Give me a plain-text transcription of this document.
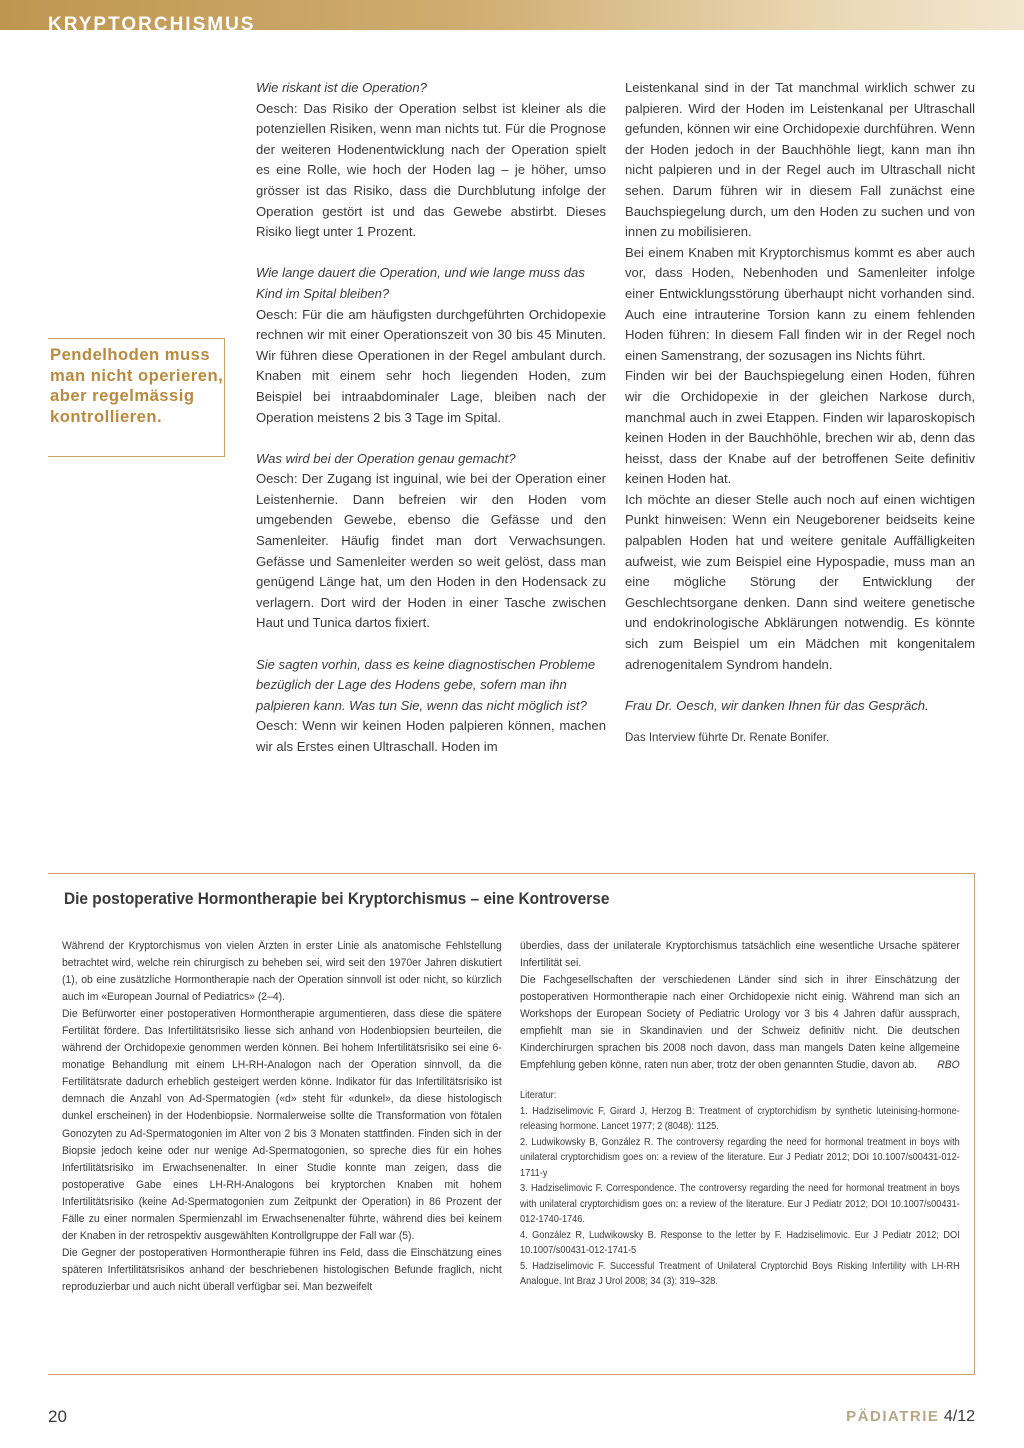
KRYPTORCHISMUS

Pendelhoden muss man nicht operieren, aber regelmässig kontrollieren.

Wie riskant ist die Operation?

Oesch: Das Risiko der Operation selbst ist kleiner als die potenziellen Risiken, wenn man nichts tut. Für die Prognose der weiteren Hodenentwicklung nach der Operation spielt es eine Rolle, wie hoch der Hoden lag – je höher, umso grösser ist das Risiko, dass die Durchblutung infolge der Operation gestört ist und das Gewebe abstirbt. Dieses Risiko liegt unter 1 Prozent.

Wie lange dauert die Operation, und wie lange muss das Kind im Spital bleiben?

Oesch: Für die am häufigsten durchgeführten Orchidopexie rechnen wir mit einer Operationszeit von 30 bis 45 Minuten. Wir führen diese Operationen in der Regel ambulant durch. Knaben mit einem sehr hoch liegenden Hoden, zum Beispiel bei intraabdominaler Lage, bleiben nach der Operation meistens 2 bis 3 Tage im Spital.

Was wird bei der Operation genau gemacht?

Oesch: Der Zugang ist inguinal, wie bei der Operation einer Leistenhernie. Dann befreien wir den Hoden vom umgebenden Gewebe, ebenso die Gefässe und den Samenleiter. Häufig findet man dort Verwachsungen. Gefässe und Samenleiter werden so weit gelöst, dass man genügend Länge hat, um den Hoden in den Hodensack zu verlagern. Dort wird der Hoden in einer Tasche zwischen Haut und Tunica dartos fixiert.

Sie sagten vorhin, dass es keine diagnostischen Probleme bezüglich der Lage des Hodens gebe, sofern man ihn palpieren kann. Was tun Sie, wenn das nicht möglich ist?

Oesch: Wenn wir keinen Hoden palpieren können, machen wir als Erstes einen Ultraschall. Hoden im

Leistenkanal sind in der Tat manchmal wirklich schwer zu palpieren. Wird der Hoden im Leistenkanal per Ultraschall gefunden, können wir eine Orchidopexie durchführen. Wenn der Hoden jedoch in der Bauchhöhle liegt, kann man ihn nicht palpieren und in der Regel auch im Ultraschall nicht sehen. Darum führen wir in diesem Fall zunächst eine Bauchspiegelung durch, um den Hoden zu suchen und von innen zu mobilisieren.

Bei einem Knaben mit Kryptorchismus kommt es aber auch vor, dass Hoden, Nebenhoden und Samenleiter infolge einer Entwicklungsstörung überhaupt nicht vorhanden sind. Auch eine intrauterine Torsion kann zu einem fehlenden Hoden führen: In diesem Fall finden wir in der Regel noch einen Samenstrang, der sozusagen ins Nichts führt.

Finden wir bei der Bauchspiegelung einen Hoden, führen wir die Orchidopexie in der gleichen Narkose durch, manchmal auch in zwei Etappen. Finden wir laparoskopisch keinen Hoden in der Bauchhöhle, brechen wir ab, denn das heisst, dass der Knabe auf der betroffenen Seite definitiv keinen Hoden hat.

Ich möchte an dieser Stelle auch noch auf einen wichtigen Punkt hinweisen: Wenn ein Neugeborener beidseits keine palpablen Hoden hat und weitere genitale Auffälligkeiten aufweist, wie zum Beispiel eine Hypospadie, muss man an eine mögliche Störung der Entwicklung der Geschlechtsorgane denken. Dann sind weitere genetische und endokrinologische Abklärungen notwendig. Es könnte sich zum Beispiel um ein Mädchen mit kongenitalem adrenogenitalem Syndrom handeln.

Frau Dr. Oesch, wir danken Ihnen für das Gespräch.

Das Interview führte Dr. Renate Bonifer.

Die postoperative Hormontherapie bei Kryptorchismus – eine Kontroverse

Während der Kryptorchismus von vielen Ärzten in erster Linie als anatomische Fehlstellung betrachtet wird, welche rein chirurgisch zu beheben sei, wird seit den 1970er Jahren diskutiert (1), ob eine zusätzliche Hormontherapie nach der Operation sinnvoll ist oder nicht, so kürzlich auch im «European Journal of Pediatrics» (2–4).

Die Befürworter einer postoperativen Hormontherapie argumentieren, dass diese die spätere Fertilität fördere. Das Infertilitätsrisiko liesse sich anhand von Hodenbiopsien beurteilen, die während der Orchidopexie genommen werden können. Bei hohem Infertilitätsrisiko sei eine 6-monatige Behandlung mit einem LH-RH-Analogon nach der Operation sinnvoll, da die Fertilitätsrate dadurch erheblich gesteigert werden könne. Indikator für das Infertilitätsrisiko ist demnach die Anzahl von Ad-Spermatogien («d» steht für «dunkel», da diese histologisch dunkel erscheinen) in der Hodenbiopsie. Normalerweise sollte die Transformation von fötalen Gonozyten zu Ad-Spermatogonien im Alter von 2 bis 3 Monaten stattfinden. Finden sich in der Biopsie jedoch keine oder nur wenige Ad-Spermatogonien, so spreche dies für ein hohes Infertilitätsrisiko im Erwachsenenalter. In einer Studie konnte man zeigen, dass die postoperative Gabe eines LH-RH-Analogons bei kryptorchen Knaben mit hohem Infertilitätsrisiko (keine Ad-Spermatogonien zum Zeitpunkt der Operation) in 86 Prozent der Fälle zu einer normalen Spermienzahl im Erwachsenenalter führte, während dies bei keinem der Knaben in der retrospektiv ausgewählten Kontrollgruppe der Fall war (5).

Die Gegner der postoperativen Hormontherapie führen ins Feld, dass die Einschätzung eines späteren Infertilitätsrisikos anhand der beschriebenen histologischen Befunde fraglich, nicht reproduzierbar und auch nicht überall verfügbar sei. Man bezweifelt

überdies, dass der unilaterale Kryptorchismus tatsächlich eine wesentliche Ursache späterer Infertilität sei.

Die Fachgesellschaften der verschiedenen Länder sind sich in ihrer Einschätzung der postoperativen Hormontherapie nach einer Orchidopexie nicht einig. Während man sich an Workshops der European Society of Pediatric Urology vor 3 bis 4 Jahren dafür aussprach, empfiehlt man sie in Skandinavien und der Schweiz definitiv nicht. Die deutschen Kinderchirurgen sprachen bis 2008 noch davon, dass man mangels Daten keine allgemeine Empfehlung geben könne, raten nun aber, trotz der oben genannten Studie, davon ab. RBO

Literatur:

1. Hadziselimovic F, Girard J, Herzog B: Treatment of cryptorchidism by synthetic luteinising-hormone-releasing hormone. Lancet 1977; 2 (8048): 1125.

2. Ludwikowsky B, González R. The controversy regarding the need for hormonal treatment in boys with unilateral cryptorchidism goes on: a review of the literature. Eur J Pediatr 2012; DOI 10.1007/s00431-012-1711-y

3. Hadziselimovic F. Correspondence. The controversy regarding the need for hormonal treatment in boys with unilateral cryptorchidism goes on: a review of the literature. Eur J Pediatr 2012; DOI 10.1007/s00431-012-1740-1746.

4. González R, Ludwikowsky B. Response to the letter by F. Hadziselimovic. Eur J Pediatr 2012; DOI 10.1007/s00431-012-1741-5

5. Hadziselimovic F. Successful Treatment of Unilateral Cryptorchid Boys Risking Infertility with LH-RH Analogue. Int Braz J Urol 2008; 34 (3): 319–328.

20	PÄDIATRIE 4/12
